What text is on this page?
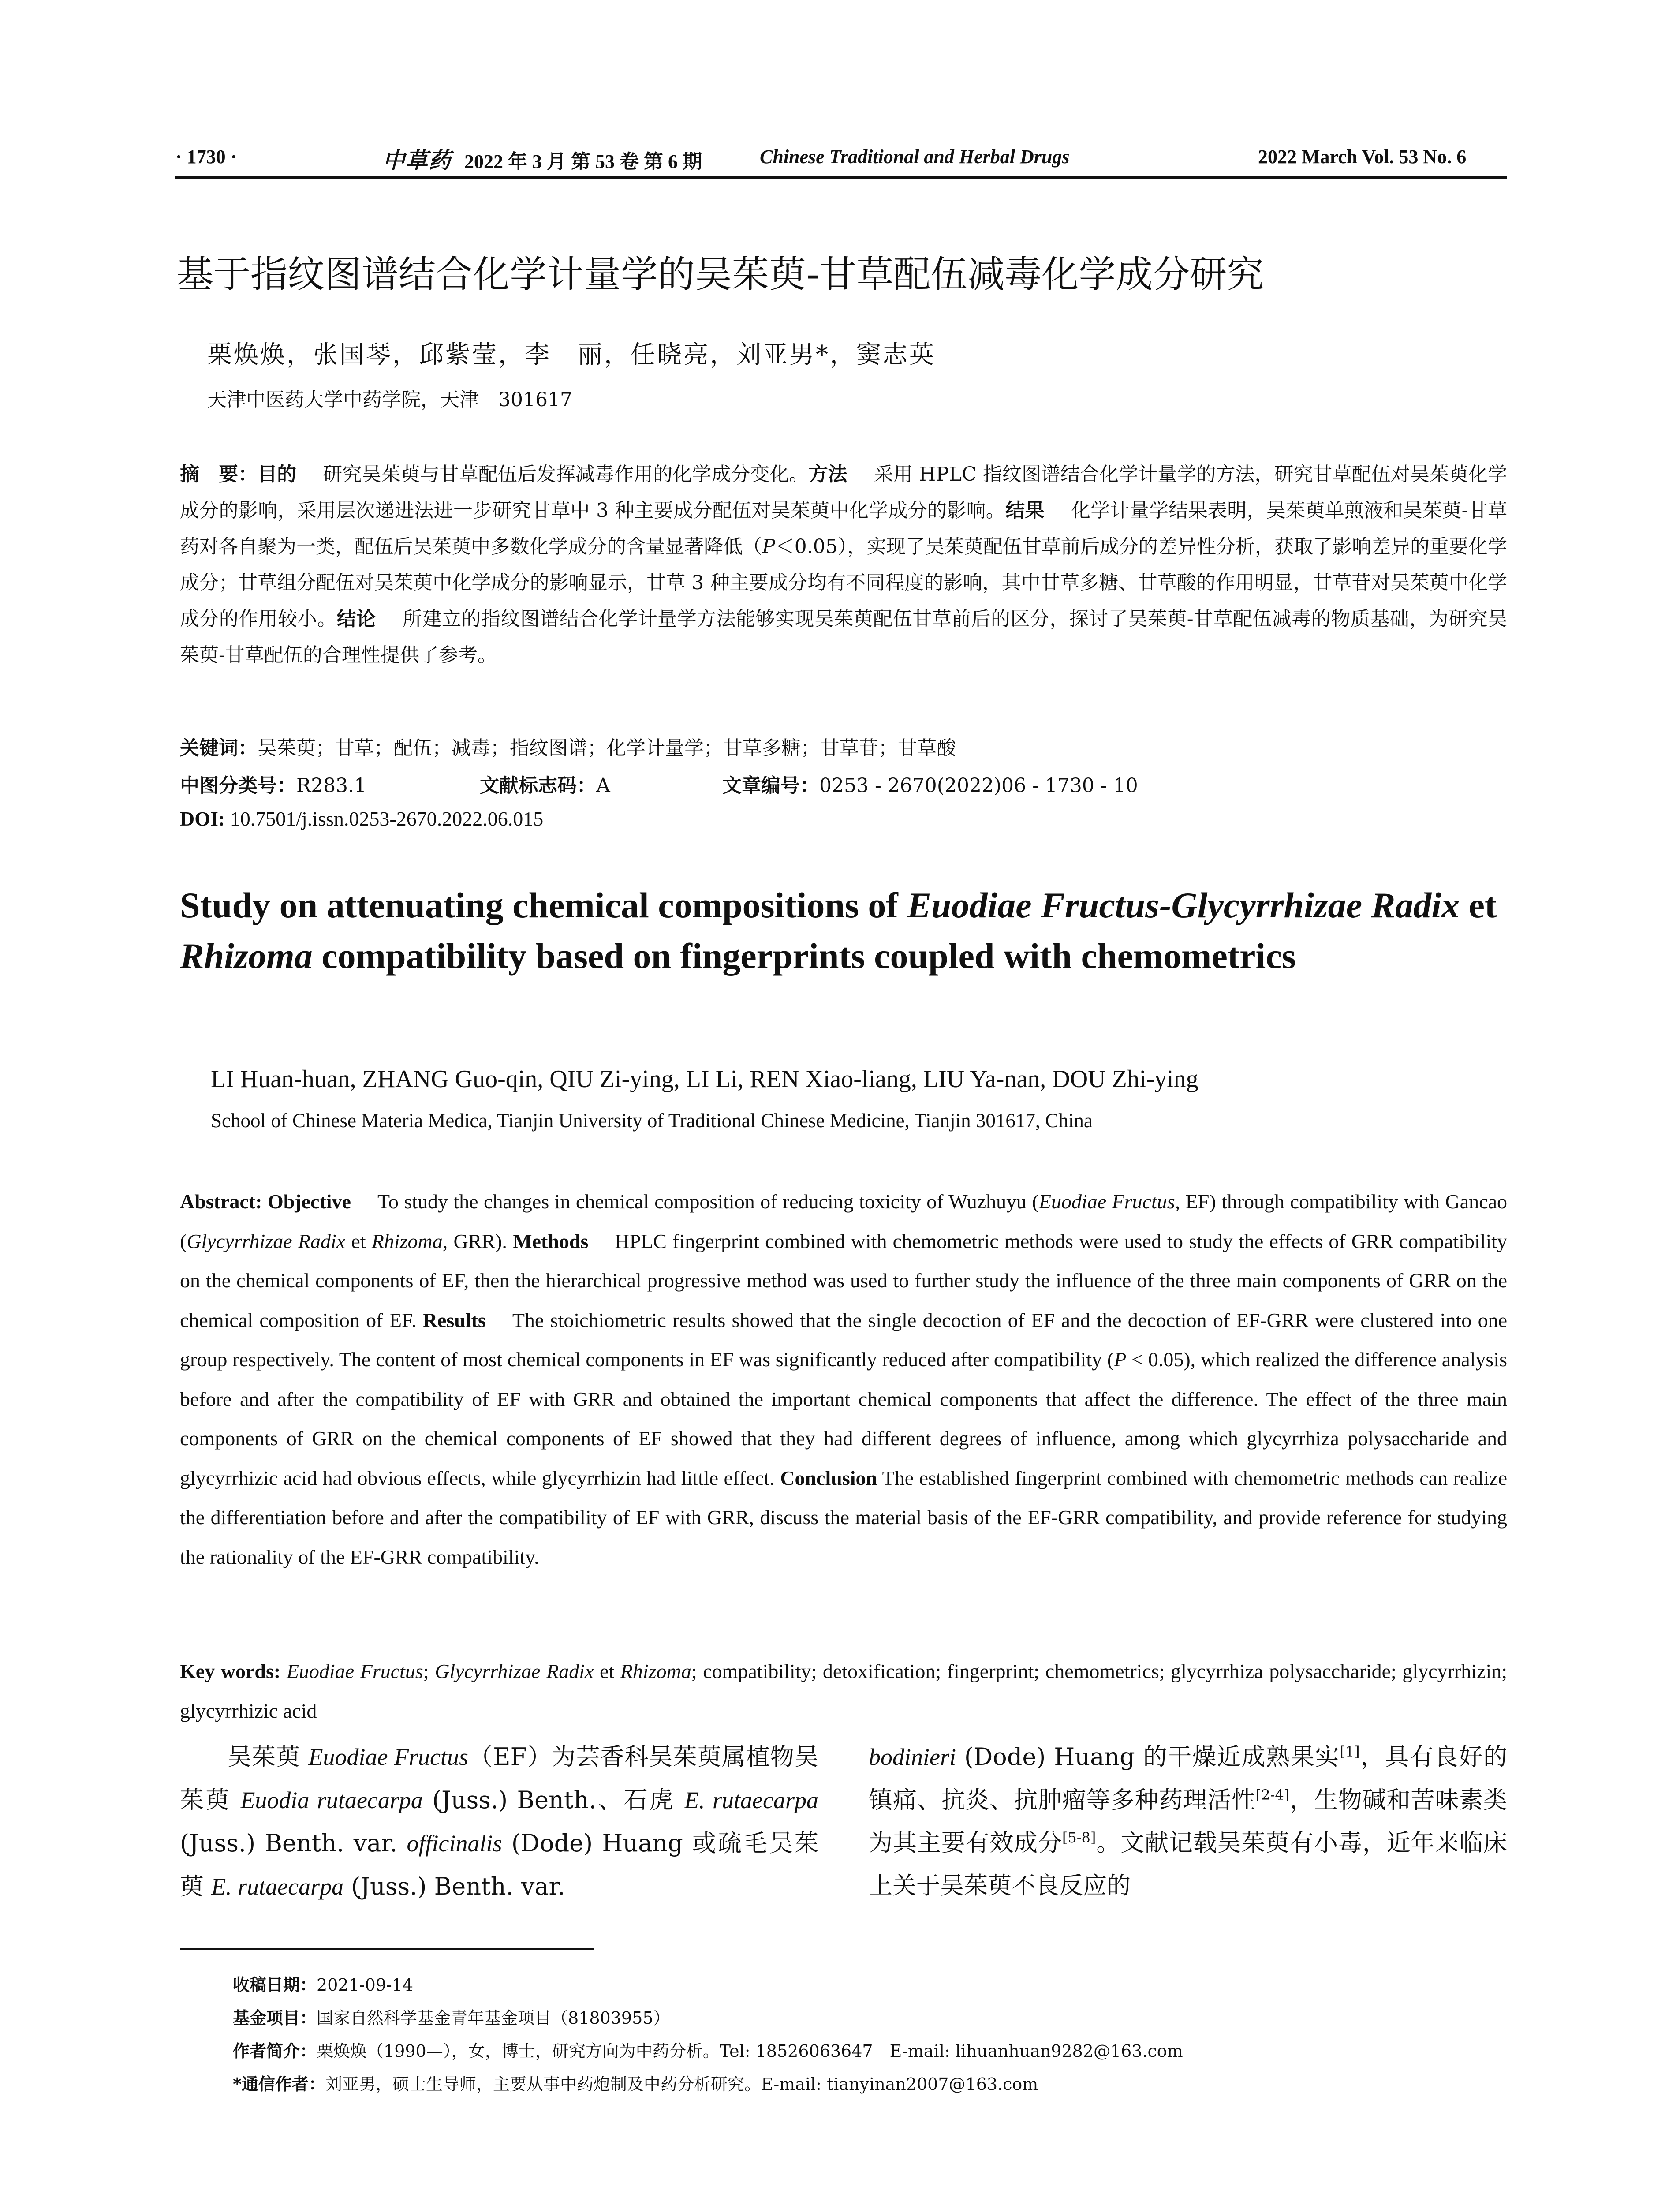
· 1730 ·	中草药 2022 年 3 月 第 53 卷 第 6 期	Chinese Traditional and Herbal Drugs	2022 March Vol. 53 No. 6
基于指纹图谱结合化学计量学的吴茱萸-甘草配伍减毒化学成分研究
栗焕焕，张国琴，邱紫莹，李　丽，任晓亮，刘亚男*，窦志英
天津中医药大学中药学院，天津　301617
摘　要：目的 研究吴茱萸与甘草配伍后发挥减毒作用的化学成分变化。方法 采用 HPLC 指纹图谱结合化学计量学的方法，研究甘草配伍对吴茱萸化学成分的影响，采用层次递进法进一步研究甘草中 3 种主要成分配伍对吴茱萸中化学成分的影响。结果 化学计量学结果表明，吴茱萸单煎液和吴茱萸-甘草药对各自聚为一类，配伍后吴茱萸中多数化学成分的含量显著降低（P＜0.05），实现了吴茱萸配伍甘草前后成分的差异性分析，获取了影响差异的重要化学成分；甘草组分配伍对吴茱萸中化学成分的影响显示，甘草 3 种主要成分均有不同程度的影响，其中甘草多糖、甘草酸的作用明显，甘草苷对吴茱萸中化学成分的作用较小。结论 所建立的指纹图谱结合化学计量学方法能够实现吴茱萸配伍甘草前后的区分，探讨了吴茱萸-甘草配伍减毒的物质基础，为研究吴茱萸-甘草配伍的合理性提供了参考。
关键词：吴茱萸；甘草；配伍；减毒；指纹图谱；化学计量学；甘草多糖；甘草苷；甘草酸
中图分类号：R283.1	文献标志码：A	文章编号：0253 - 2670(2022)06 - 1730 - 10
DOI: 10.7501/j.issn.0253-2670.2022.06.015
Study on attenuating chemical compositions of Euodiae Fructus-Glycyrrhizae Radix et Rhizoma compatibility based on fingerprints coupled with chemometrics
LI Huan-huan, ZHANG Guo-qin, QIU Zi-ying, LI Li, REN Xiao-liang, LIU Ya-nan, DOU Zhi-ying
School of Chinese Materia Medica, Tianjin University of Traditional Chinese Medicine, Tianjin 301617, China
Abstract: Objective To study the changes in chemical composition of reducing toxicity of Wuzhuyu (Euodiae Fructus, EF) through compatibility with Gancao (Glycyrrhizae Radix et Rhizoma, GRR). Methods HPLC fingerprint combined with chemometric methods were used to study the effects of GRR compatibility on the chemical components of EF, then the hierarchical progressive method was used to further study the influence of the three main components of GRR on the chemical composition of EF. Results The stoichiometric results showed that the single decoction of EF and the decoction of EF-GRR were clustered into one group respectively. The content of most chemical components in EF was significantly reduced after compatibility (P < 0.05), which realized the difference analysis before and after the compatibility of EF with GRR and obtained the important chemical components that affect the difference. The effect of the three main components of GRR on the chemical components of EF showed that they had different degrees of influence, among which glycyrrhiza polysaccharide and glycyrrhizic acid had obvious effects, while glycyrrhizin had little effect. Conclusion The established fingerprint combined with chemometric methods can realize the differentiation before and after the compatibility of EF with GRR, discuss the material basis of the EF-GRR compatibility, and provide reference for studying the rationality of the EF-GRR compatibility.
Key words: Euodiae Fructus; Glycyrrhizae Radix et Rhizoma; compatibility; detoxification; fingerprint; chemometrics; glycyrrhiza polysaccharide; glycyrrhizin; glycyrrhizic acid
吴茱萸 Euodiae Fructus（EF）为芸香科吴茱萸属植物吴茱萸 Euodia rutaecarpa (Juss.) Benth.、石虎 E. rutaecarpa (Juss.) Benth. var. officinalis (Dode) Huang 或疏毛吴茱萸 E. rutaecarpa (Juss.) Benth. var.
bodinieri (Dode) Huang 的干燥近成熟果实[1]，具有良好的镇痛、抗炎、抗肿瘤等多种药理活性[2-4]，生物碱和苦味素类为其主要有效成分[5-8]。文献记载吴茱萸有小毒，近年来临床上关于吴茱萸不良反应的
收稿日期：2021-09-14
基金项目：国家自然科学基金青年基金项目（81803955）
作者简介：栗焕焕（1990—），女，博士，研究方向为中药分析。Tel: 18526063647　E-mail: lihuanhuan9282@163.com
*通信作者：刘亚男，硕士生导师，主要从事中药炮制及中药分析研究。E-mail: tianyinan2007@163.com
